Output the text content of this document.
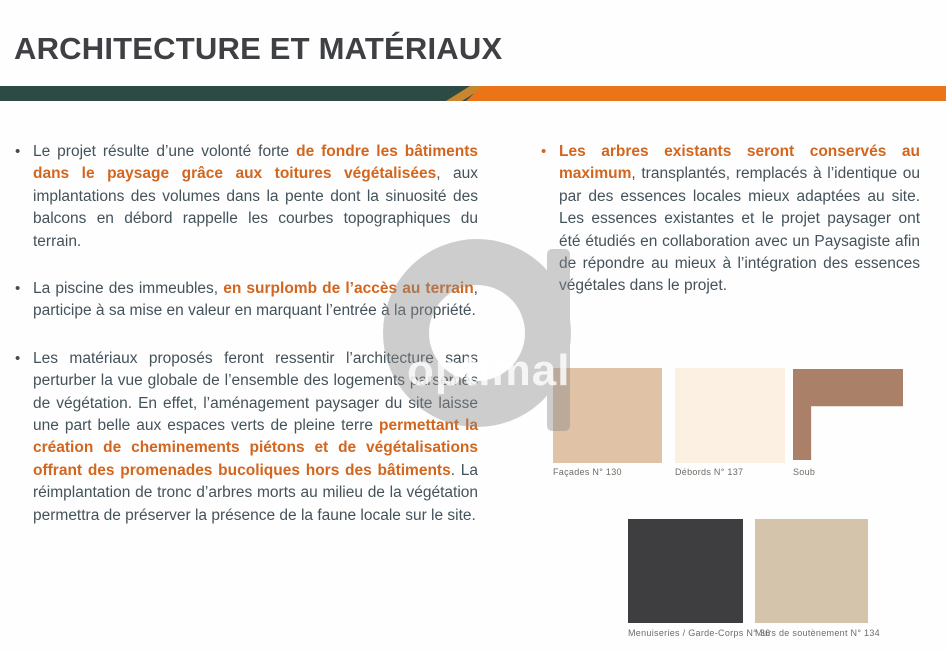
ARCHITECTURE ET MATÉRIAUX
• Le projet résulte d’une volonté forte de fondre les bâtiments dans le paysage grâce aux toitures végétalisées, aux implantations des volumes dans la pente dont la sinuosité des balcons en débord rappelle les courbes topographiques du terrain.
• La piscine des immeubles, en surplomb de l’accès au terrain, participe à sa mise en valeur en marquant l’entrée à la propriété.
• Les matériaux proposés feront ressentir l’architecture sans perturber la vue globale de l’ensemble des logements parsemés de végétation. En effet, l’aménagement paysager du site laisse une part belle aux espaces verts de pleine terre permettant la création de cheminements piétons et de végétalisations offrant des promenades bucoliques hors des bâtiments. La réimplantation de tronc d’arbres morts au milieu de la végétation permettra de préserver la présence de la faune locale sur le site.
• Les arbres existants seront conservés au maximum, transplantés, remplacés à l’identique ou par des essences locales mieux adaptées au site. Les essences existantes et le projet paysager ont été étudiés en collaboration avec un Paysagiste afin de répondre au mieux à l’intégration des essences végétales dans le projet.
Façades N° 130	Débords N° 137	Soub
Menuiseries / Garde-Corps N° 36
Murs de soutènement N° 134
optimal
